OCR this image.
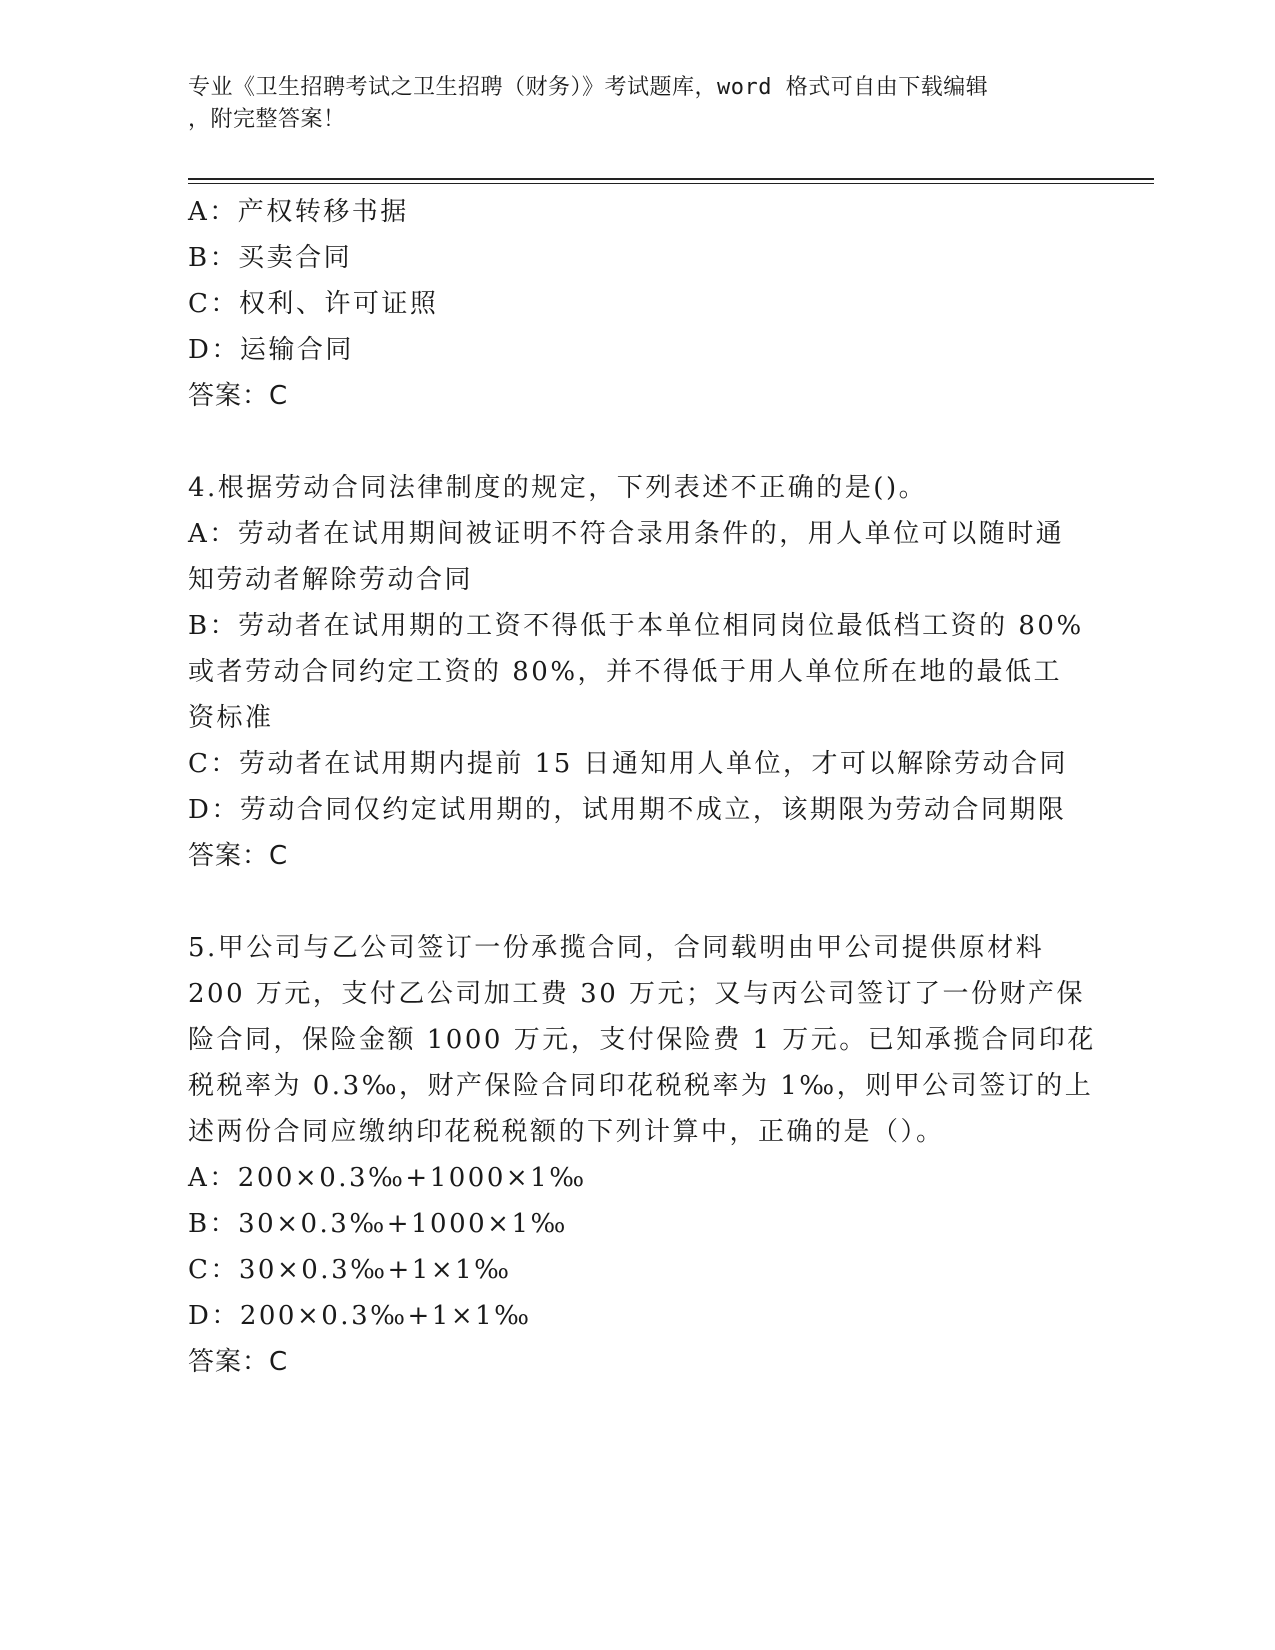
专业《卫生招聘考试之卫生招聘（财务）》考试题库，word 格式可自由下载编辑
，附完整答案！
A：产权转移书据
B：买卖合同
C：权利、许可证照
D：运输合同
答案：C
4.根据劳动合同法律制度的规定，下列表述不正确的是()。
A：劳动者在试用期间被证明不符合录用条件的，用人单位可以随时通
知劳动者解除劳动合同
B：劳动者在试用期的工资不得低于本单位相同岗位最低档工资的 80%
或者劳动合同约定工资的 80%，并不得低于用人单位所在地的最低工
资标准
C：劳动者在试用期内提前 15 日通知用人单位，才可以解除劳动合同
D：劳动合同仅约定试用期的，试用期不成立，该期限为劳动合同期限
答案：C
5.甲公司与乙公司签订一份承揽合同，合同载明由甲公司提供原材料
200 万元，支付乙公司加工费 30 万元；又与丙公司签订了一份财产保
险合同，保险金额 1000 万元，支付保险费 1 万元。已知承揽合同印花
税税率为 0.3‰，财产保险合同印花税税率为 1‰，则甲公司签订的上
述两份合同应缴纳印花税税额的下列计算中，正确的是（）。
A：200×0.3‰+1000×1‰
B：30×0.3‰+1000×1‰
C：30×0.3‰+1×1‰
D：200×0.3‰+1×1‰
答案：C
